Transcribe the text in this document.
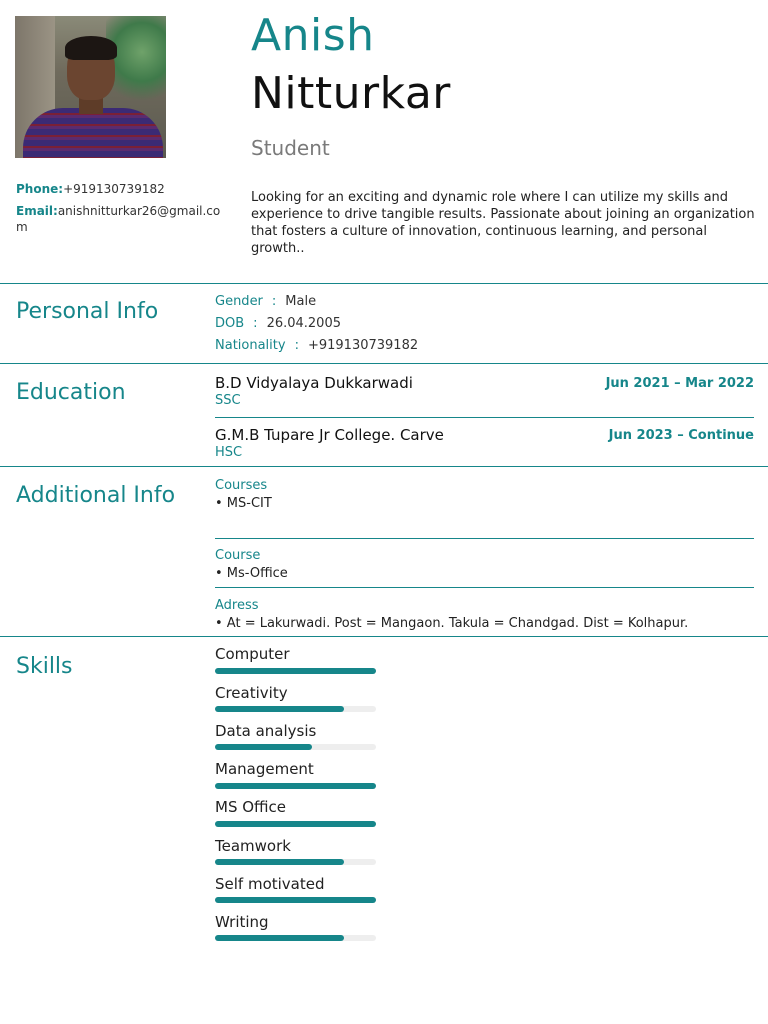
Anish
Nitturkar
Student
Phone:+919130739182
Email:anishnitturkar26@gmail.com
Looking for an exciting and dynamic role where I can utilize my skills and experience to drive tangible results. Passionate about joining an organization that fosters a culture of innovation, continuous learning, and personal growth..
Personal Info	Gender : Male
DOB : 26.04.2005
Nationality : +919130739182
Education	B.D Vidyalaya Dukkarwadi	Jun 2021 – Mar 2022
SSC
G.M.B Tupare Jr College. Carve	Jun 2023 – Continue
HSC
Additional Info	Courses
• MS-CIT
Course
• Ms-Office
Adress
• At = Lakurwadi. Post = Mangaon. Takula = Chandgad. Dist = Kolhapur.
Skills	Computer
Creativity
Data analysis
Management
MS Office
Teamwork
Self motivated
Writing
